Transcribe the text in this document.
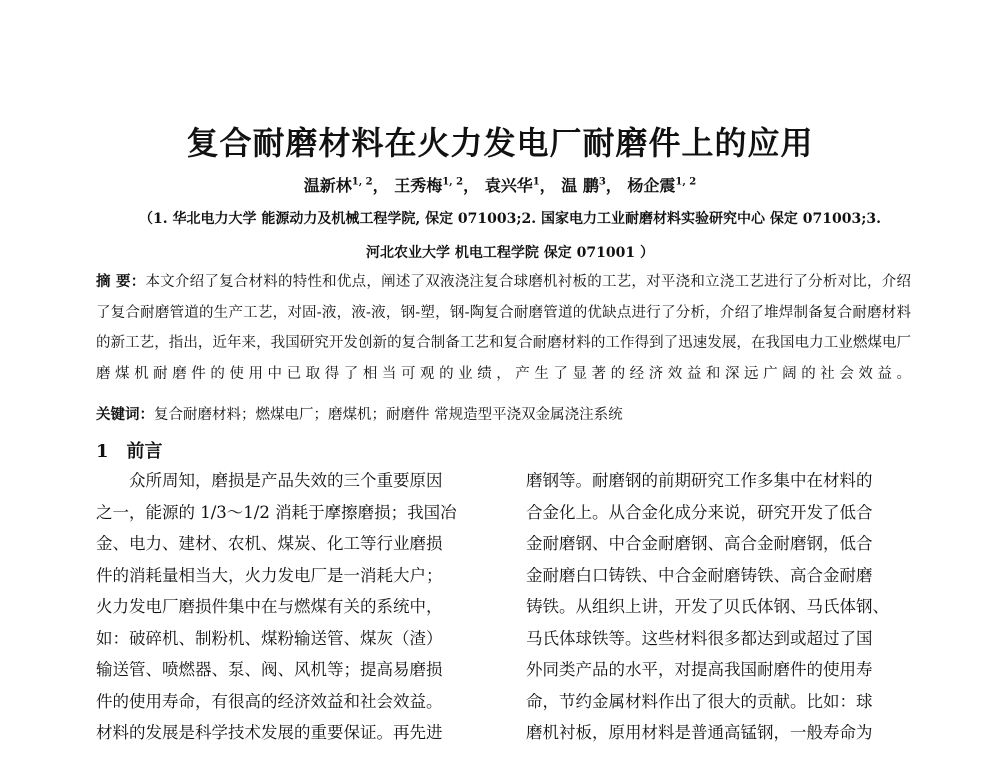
复合耐磨材料在火力发电厂耐磨件上的应用
温新林$^{1, 2}$， 王秀梅$^{1, 2}$， 袁兴华$^1$， 温 鹏$^3$， 杨企震$^{1, 2}$
（1. 华北电力大学 能源动力及机械工程学院, 保定 071003;2. 国家电力工业耐磨材料实验研究中心 保定 071003;3.
河北农业大学 机电工程学院 保定 071001 ）
摘 要：本文介绍了复合材料的特性和优点，阐述了双液浇注复合球磨机衬板的工艺，对平浇和立浇工艺进行了分析对比，介绍了复合耐磨管道的生产工艺，对固-液，液-液，钢-塑，钢-陶复合耐磨管道的优缺点进行了分析，介绍了堆焊制备复合耐磨材料的新工艺，指出，近年来，我国研究开发创新的复合制备工艺和复合耐磨材料的工作得到了迅速发展，在我国电力工业燃煤电厂磨煤机耐磨件的使用中已取得了相当可观的业绩，产生了显著的经济效益和深远广阔的社会效益。
关键词：复合耐磨材料；燃煤电厂；磨煤机；耐磨件 常规造型平浇双金属浇注系统
1　前言
众所周知，磨损是产品失效的三个重要原因
之一，能源的 1/3～1/2 消耗于摩擦磨损；我国冶
金、电力、建材、农机、煤炭、化工等行业磨损
件的消耗量相当大，火力发电厂是一消耗大户；
火力发电厂磨损件集中在与燃煤有关的系统中，
如：破碎机、制粉机、煤粉输送管、煤灰（渣）
输送管、喷燃器、泵、阀、风机等；提高易磨损
件的使用寿命，有很高的经济效益和社会效益。
材料的发展是科学技术发展的重要保证。再先进
磨钢等。耐磨钢的前期研究工作多集中在材料的
合金化上。从合金化成分来说，研究开发了低合
金耐磨钢、中合金耐磨钢、高合金耐磨钢，低合
金耐磨白口铸铁、中合金耐磨铸铁、高合金耐磨
铸铁。从组织上讲，开发了贝氏体钢、马氏体钢、
马氏体球铁等。这些材料很多都达到或超过了国
外同类产品的水平，对提高我国耐磨件的使用寿
命，节约金属材料作出了很大的贡献。比如：球
磨机衬板，原用材料是普通高锰钢，一般寿命为
